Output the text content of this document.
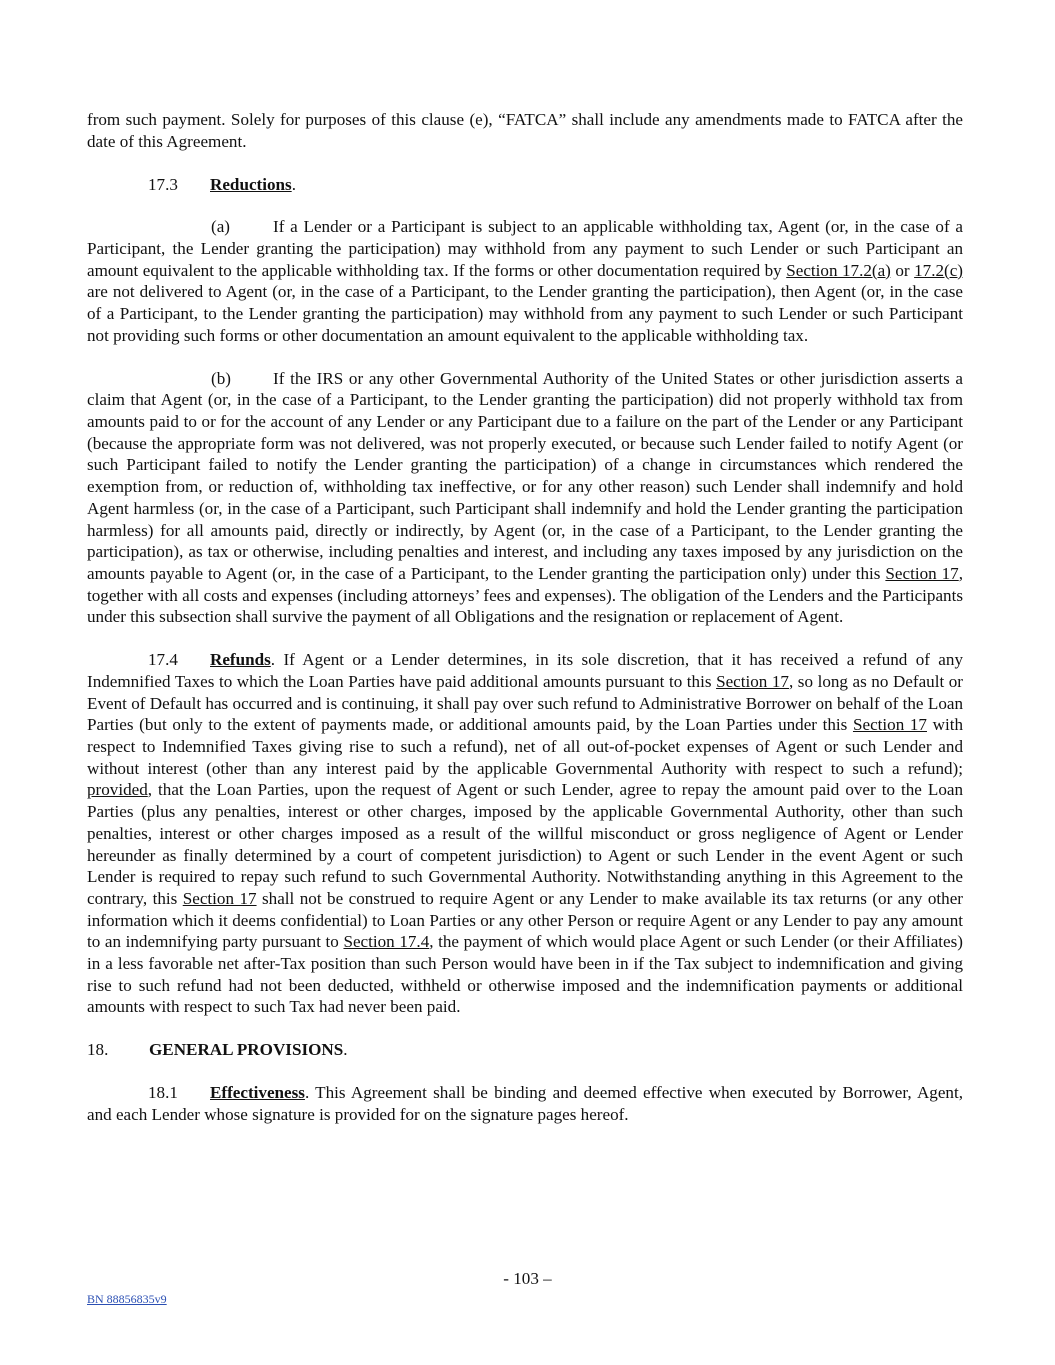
from such payment. Solely for purposes of this clause (e), “FATCA” shall include any amendments made to FATCA after the date of this Agreement.

17.3 Reductions.

(a)	If a Lender or a Participant is subject to an applicable withholding tax, Agent (or, in the case of a Participant, the Lender granting the participation) may withhold from any payment to such Lender or such Participant an amount equivalent to the applicable withholding tax. If the forms or other documentation required by Section 17.2(a) or 17.2(c) are not delivered to Agent (or, in the case of a Participant, to the Lender granting the participation), then Agent (or, in the case of a Participant, to the Lender granting the participation) may withhold from any payment to such Lender or such Participant not providing such forms or other documentation an amount equivalent to the applicable withholding tax.

(b) If the IRS or any other Governmental Authority of the United States or other jurisdiction asserts a claim that Agent (or, in the case of a Participant, to the Lender granting the participation) did not properly withhold tax from amounts paid to or for the account of any Lender or any Participant due to a failure on the part of the Lender or any Participant (because the appropriate form was not delivered, was not properly executed, or because such Lender failed to notify Agent (or such Participant failed to notify the Lender granting the participation) of a change in circumstances which rendered the exemption from, or reduction of, withholding tax ineffective, or for any other reason) such Lender shall indemnify and hold Agent harmless (or, in the case of a Participant, such Participant shall indemnify and hold the Lender granting the participation harmless) for all amounts paid, directly or indirectly, by Agent (or, in the case of a Participant, to the Lender granting the participation), as tax or otherwise, including penalties and interest, and including any taxes imposed by any jurisdiction on the amounts payable to Agent (or, in the case of a Participant, to the Lender granting the participation only) under this Section 17, together with all costs and expenses (including attorneys’ fees and expenses). The obligation of the Lenders and the Participants under this subsection shall survive the payment of all Obligations and the resignation or replacement of Agent.

17.4 Refunds. If Agent or a Lender determines, in its sole discretion, that it has received a refund of any Indemnified Taxes to which the Loan Parties have paid additional amounts pursuant to this Section 17, so long as no Default or Event of Default has occurred and is continuing, it shall pay over such refund to Administrative Borrower on behalf of the Loan Parties (but only to the extent of payments made, or additional amounts paid, by the Loan Parties under this Section 17 with respect to Indemnified Taxes giving rise to such a refund), net of all out-of-pocket expenses of Agent or such Lender and without interest (other than any interest paid by the applicable Governmental Authority with respect to such a refund); provided, that the Loan Parties, upon the request of Agent or such Lender, agree to repay the amount paid over to the Loan Parties (plus any penalties, interest or other charges, imposed by the applicable Governmental Authority, other than such penalties, interest or other charges imposed as a result of the willful misconduct or gross negligence of Agent or Lender hereunder as finally determined by a court of competent jurisdiction) to Agent or such Lender in the event Agent or such Lender is required to repay such refund to such Governmental Authority. Notwithstanding anything in this Agreement to the contrary, this Section 17 shall not be construed to require Agent or any Lender to make available its tax returns (or any other information which it deems confidential) to Loan Parties or any other Person or require Agent or any Lender to pay any amount to an indemnifying party pursuant to Section 17.4, the payment of which would place Agent or such Lender (or their Affiliates) in a less favorable net after-Tax position than such Person would have been in if the Tax subject to indemnification and giving rise to such refund had not been deducted, withheld or otherwise imposed and the indemnification payments or additional amounts with respect to such Tax had never been paid.

18. GENERAL PROVISIONS.

18.1 Effectiveness. This Agreement shall be binding and deemed effective when executed by Borrower, Agent, and each Lender whose signature is provided for on the signature pages hereof.

- 103 –
BN 88856835v9
